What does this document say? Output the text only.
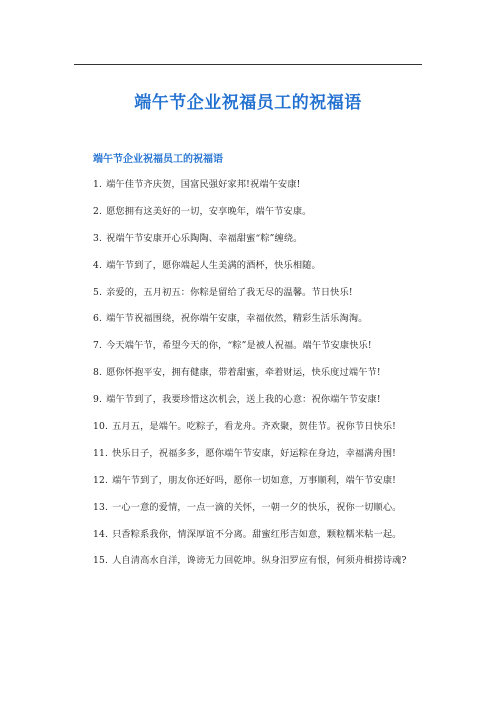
端午节企业祝福员工的祝福语
端午节企业祝福员工的祝福语
1. 端午佳节齐庆贺，国富民强好家邦!祝端午安康!
2. 愿您拥有这美好的一切，安享晚年，端午节安康。
3. 祝端午节安康开心乐陶陶、幸福甜蜜“粽”缠绕。
4. 端午节到了，愿你端起人生美满的酒杯，快乐相随。
5. 亲爱的，五月初五：你粽是留给了我无尽的温馨。节日快乐!
6. 端午节祝福围绕，祝你端午安康，幸福依然，精彩生活乐淘淘。
7. 今天端午节，希望今天的你，“粽”是被人祝福。端午节安康快乐!
8. 愿你怀抱平安，拥有健康，带着甜蜜，牵着财运，快乐度过端午节!
9. 端午节到了，我要珍惜这次机会，送上我的心意：祝你端午节安康!
10. 五月五，是端午。吃粽子，看龙舟。齐欢聚，贺佳节。祝你节日快乐!
11. 快乐日子，祝福多多，愿你端午节安康，好运粽在身边，幸福满舟围!
12. 端午节到了，朋友你还好吗，愿你一切如意，万事顺利，端午节安康!
13. 一心一意的爱情，一点一滴的关怀，一朝一夕的快乐，祝你一切顺心。
14. 只香粽系我你，情深厚谊不分离。甜蜜红彤吉如意，颗粒糯米粘一起。
15. 人自清高水自洋，谗谤无力回乾坤。纵身汨罗应有恨，何须舟楫捞诗魂?
